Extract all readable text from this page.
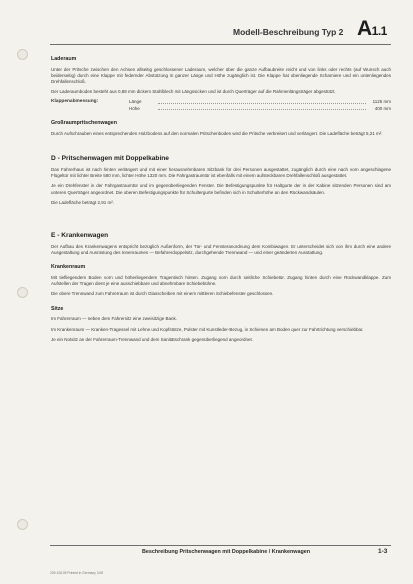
Modell-Beschreibung Typ 2 A1.1
Laderaum

Unter der Pritsche zwischen den Achsen allseitig geschlossener Laderaum, welcher über die ganze Aufbaubreite reicht und von links oder rechts (auf Wunsch auch beiderseitig) durch eine Klappe mit federnder Abstützung in ganzer Länge und Höhe zugänglich ist. Die Klappe hat obenliegende Scharniere und ein untenliegendes Drehfallenschloß.

Der Laderaumboden besteht aus 0,88 mm dickem Stahlblech mit Längssicken und ist durch Querträger auf die Rahmenlängsträger abgestützt.

Klappenabmessung:	Länge	1125 mm
Höhe	400 mm
Großraumpritschenwagen

Durch Aufschrauben eines entsprechenden Holzbodens auf den normalen Pritschenboden wird die Pritsche verbreitert und verlängert. Die Ladefläche beträgt 5,21 m².

D - Pritschenwagen mit Doppelkabine

Das Fahrerhaus ist nach hinten verlängert und mit einer herausnehmbaren Sitzbank für drei Personen ausgestattet, zugänglich durch eine nach vorn angeschlagene Flügeltür mit lichter Breite 580 mm, lichter Höhe 1320 mm. Die Fahrgastraumtür ist ebenfalls mit einem aufsteckbaren Drehfallenschloß ausgestattet.

Je ein Drehfenster in der Fahrgastraumtür und im gegenüberliegenden Fenster. Die Befestigungspunkte für Haltgurte der in der Kabine sitzenden Personen sind am unteren Querträger angeordnet. Die oberen Befestigungspunkte für Schultergurte befinden sich in Schulterhöhe an den Rückwandsäulen.

Die Ladefläche beträgt 2,91 m².

E - Krankenwagen

Der Aufbau des Krankenwagens entspricht bezüglich Außenform, der Tür- und Fensteranordnung dem Kombiwagen. Er unterscheidet sich von ihm durch eine andere Ausgestaltung und Ausrüstung des Innenraumes — Befahrerdoppelsitz, durchgehende Trennwand — und einer geänderten Ausstattung.

Krankenraum

Mit tiefliegendem Boden vorn und höherliegendem Tragentisch hinten. Zugang vorn durch seitliche Schiebetür. Zugang hinten durch eine Rückwandklappe. Zum Aufstellen der Tragen dient je eine ausschiebbare und abnehmbare Schiebebühne.

Die obere Trennwand zum Fahrerraum ist durch Glasscheiben mit einem mittleren Schiebefenster geschlossen.

Sitze

Im Fahrerraum — neben dem Fahrersitz eine zweisitzige Bank.

Im Krankenraum — Kranken-Tragessel mit Lehne und Kopfstütze, Polster mit Kunstleder-Bezug, in Schienen am Boden quer zur Fahrtrichtung verschiebbar.

Je ein Notsitz an der Fahrerraum-Trennwand und dem Sanitätschrank gegenüberliegend angeordnet.

Beschreibung Pritschenwagen mit Doppelkabine / Krankenwagen	1-3
209.108.09 Printed in Germany 3.69
